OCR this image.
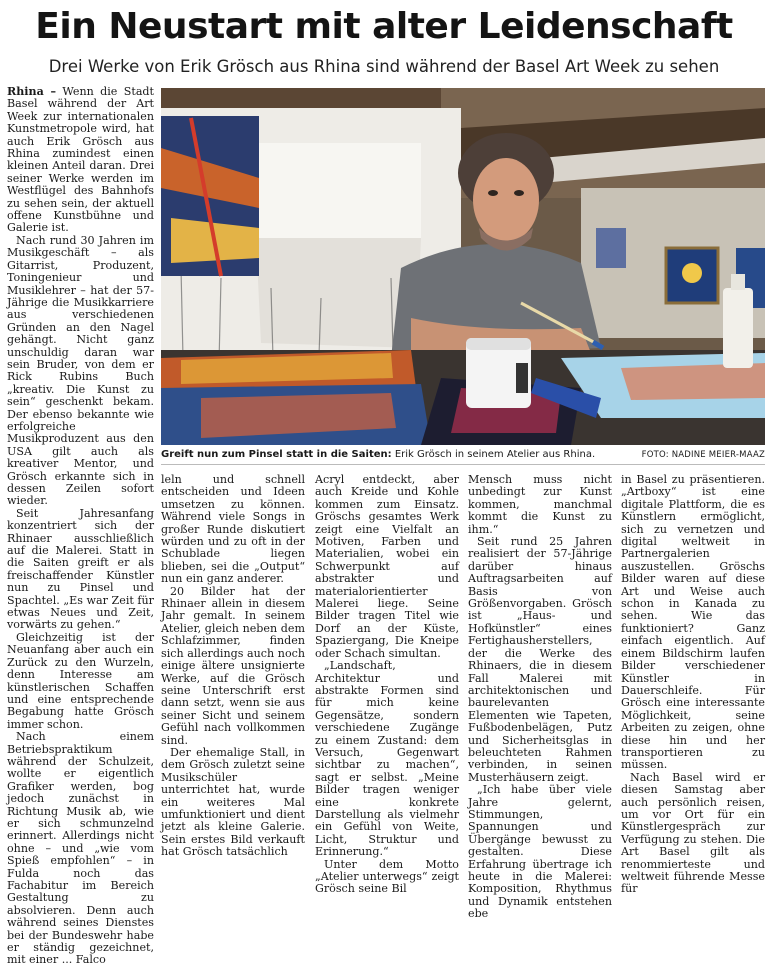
Ein Neustart mit alter Leidenschaft
Drei Werke von Erik Grösch aus Rhina sind während der Basel Art Week zu sehen

Rhina – Wenn die Stadt Basel während der Art Week zur internationalen Kunstmetropole wird, hat auch Erik Grösch aus Rhina zumindest einen kleinen Anteil daran. Drei seiner Werke werden im Westflügel des Bahnhofs zu sehen sein, der aktuell offene Kunstbühne und Galerie ist.

Nach rund 30 Jahren im Musikgeschäft – als Gitarrist, Produzent, Toningenieur und Musiklehrer – hat der 57-Jährige die Musikkarriere aus verschiedenen Gründen an den Nagel gehängt. Nicht ganz unschuldig daran war sein Bruder, von dem er Rick Rubins Buch „kreativ. Die Kunst zu sein“ geschenkt bekam. Der ebenso bekannte wie erfolgreiche Musikproduzent aus den USA gilt auch als kreativer Mentor, und Grösch erkannte sich in dessen Zeilen sofort wieder.

Seit Jahresanfang konzentriert sich der Rhinaer ausschließlich auf die Malerei. Statt in die Saiten greift er als freischaffender Künstler nun zu Pinsel und Spachtel. „Es war Zeit für etwas Neues und Zeit, vorwärts zu gehen.“

Gleichzeitig ist der Neuanfang aber auch ein Zurück zu den Wurzeln, denn Interesse am künstlerischen Schaffen und eine entsprechende Begabung hatte Grösch immer schon.

Nach einem Betriebspraktikum während der Schulzeit, wollte er eigentlich Grafiker werden, bog jedoch zunächst in Richtung Musik ab, wie er sich schmunzelnd erinnert. Allerdings nicht ohne – und „wie vom Spieß empfohlen“ – in Fulda noch das Fachabitur im Bereich Gestaltung zu absolvieren. Denn auch während seines Dienstes bei der Bundeswehr habe er ständig gezeichnet, mit einer ... Falco

Greift nun zum Pinsel statt in die Saiten: Erik Grösch in seinem Atelier aus Rhina.	FOTO: NADINE MEIER-MAAZ

leln und schnell entscheiden und Ideen umsetzen zu können. Während viele Songs in großer Runde diskutiert würden und zu oft in der Schublade liegen blieben, sei die „Output“ nun ein ganz anderer.

20 Bilder hat der Rhinaer allein in diesem Jahr gemalt. In seinem Atelier, gleich neben dem Schlafzimmer, finden sich allerdings auch noch einige ältere unsignierte Werke, auf die Grösch seine Unterschrift erst dann setzt, wenn sie aus seiner Sicht und seinem Gefühl nach vollkommen sind.

Der ehemalige Stall, in dem Grösch zuletzt seine Musikschüler unterrichtet hat, wurde ein weiteres Mal umfunktioniert und dient jetzt als kleine Galerie. Sein erstes Bild verkauft hat Grösch tatsächlich

Acryl entdeckt, aber auch Kreide und Kohle kommen zum Einsatz. Gröschs gesamtes Werk zeigt eine Vielfalt an Motiven, Farben und Materialien, wobei ein Schwerpunkt auf abstrakter und materialorientierter Malerei liege. Seine Bilder tragen Titel wie Dorf an der Küste, Spaziergang, Die Kneipe oder Schach simultan.

„Landschaft, Architektur und abstrakte Formen sind für mich keine Gegensätze, sondern verschiedene Zugänge zu einem Zustand: dem Versuch, Gegenwart sichtbar zu machen“, sagt er selbst. „Meine Bilder tragen weniger eine konkrete Darstellung als vielmehr ein Gefühl von Weite, Licht, Struktur und Erinnerung.“

Unter dem Motto „Atelier unterwegs“ zeigt Grösch seine Bil

Mensch muss nicht unbedingt zur Kunst kommen, manchmal kommt die Kunst zu ihm.“

Seit rund 25 Jahren realisiert der 57-Jährige darüber hinaus Auftragsarbeiten auf Basis von Größenvorgaben. Grösch ist „Haus- und Hofkünstler“ eines Fertighausherstellers, der die Werke des Rhinaers, die in diesem Fall Malerei mit architektonischen und baurelevanten Elementen wie Tapeten, Fußbodenbelägen, Putz und Sicherheitsglas in beleuchteten Rahmen verbinden, in seinen Musterhäusern zeigt.

„Ich habe über viele Jahre gelernt, Stimmungen, Spannungen und Übergänge bewusst zu gestalten. Diese Erfahrung übertrage ich heute in die Malerei: Komposition, Rhythmus und Dynamik entstehen ebe

in Basel zu präsentieren. „Artboxy“ ist eine digitale Plattform, die es Künstlern ermöglicht, sich zu vernetzen und digital weltweit in Partnergalerien auszustellen. Gröschs Bilder waren auf diese Art und Weise auch schon in Kanada zu sehen. Wie das funktioniert? Ganz einfach eigentlich. Auf einem Bildschirm laufen Bilder verschiedener Künstler in Dauerschleife. Für Grösch eine interessante Möglichkeit, seine Arbeiten zu zeigen, ohne diese hin und her transportieren zu müssen.

Nach Basel wird er diesen Samstag aber auch persönlich reisen, um vor Ort für ein Künstlergespräch zur Verfügung zu stehen. Die Art Basel gilt als renommierteste und weltweit führende Messe für
